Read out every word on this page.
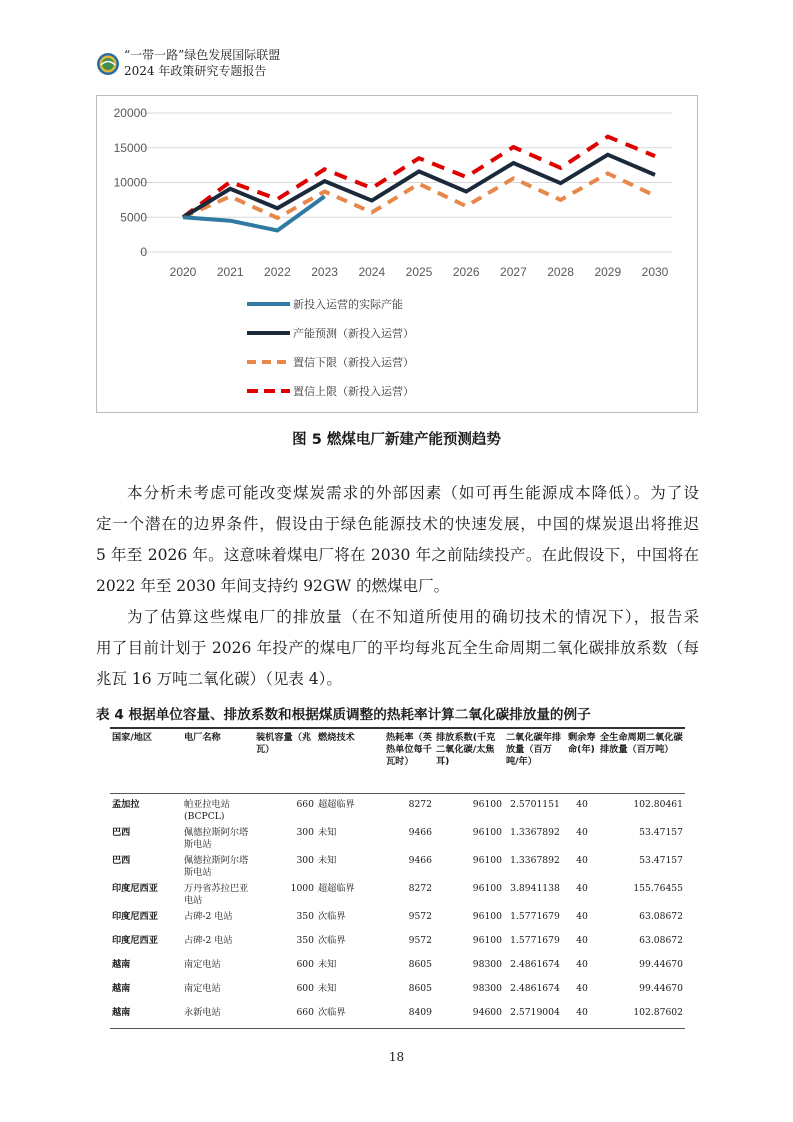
“一带一路”绿色发展国际联盟
2024 年政策研究专题报告
0
5000
10000
15000
20000
2020 2021 2022 2023 2024 2025 2026 2027 2028 2029 2030
新投入运营的实际产能
产能预测（新投入运营）
置信下限（新投入运营）
置信上限（新投入运营）
图 5 燃煤电厂新建产能预测趋势
本分析未考虑可能改变煤炭需求的外部因素（如可再生能源成本降低）。为了设
定一个潜在的边界条件，假设由于绿色能源技术的快速发展，中国的煤炭退出将推迟
5 年至 2026 年。这意味着煤电厂将在 2030 年之前陆续投产。在此假设下，中国将在
2022 年至 2030 年间支持约 92GW 的燃煤电厂。
为了估算这些煤电厂的排放量（在不知道所使用的确切技术的情况下），报告采
用了目前计划于 2026 年投产的煤电厂的平均每兆瓦全生命周期二氧化碳排放系数（每
兆瓦 16 万吨二氧化碳）（见表 4）。
表 4 根据单位容量、排放系数和根据煤质调整的热耗率计算二氧化碳排放量的例子
国家/地区	电厂名称	装机容量（兆瓦）	燃烧技术	热耗率（英热单位每千瓦时）	排放系数(千克二氧化碳/太焦耳)	二氧化碳年排放量（百万吨/年）	剩余寿命(年)	全生命周期二氧化碳排放量（百万吨）
孟加拉	帕亚拉电站(BCPCL)	660	超超临界	8272	96100	2.5701151	40	102.80461
巴西	佩德拉斯阿尔塔斯电站	300	未知	9466	96100	1.3367892	40	53.47157
巴西	佩德拉斯阿尔塔斯电站	300	未知	9466	96100	1.3367892	40	53.47157
印度尼西亚	万丹省苏拉巴亚电站	1000	超超临界	8272	96100	3.8941138	40	155.76455
印度尼西亚	占碑-2 电站	350	次临界	9572	96100	1.5771679	40	63.08672
印度尼西亚	占碑-2 电站	350	次临界	9572	96100	1.5771679	40	63.08672
越南	南定电站	600	未知	8605	98300	2.4861674	40	99.44670
越南	南定电站	600	未知	8605	98300	2.4861674	40	99.44670
越南	永新电站	660	次临界	8409	94600	2.5719004	40	102.87602
18
